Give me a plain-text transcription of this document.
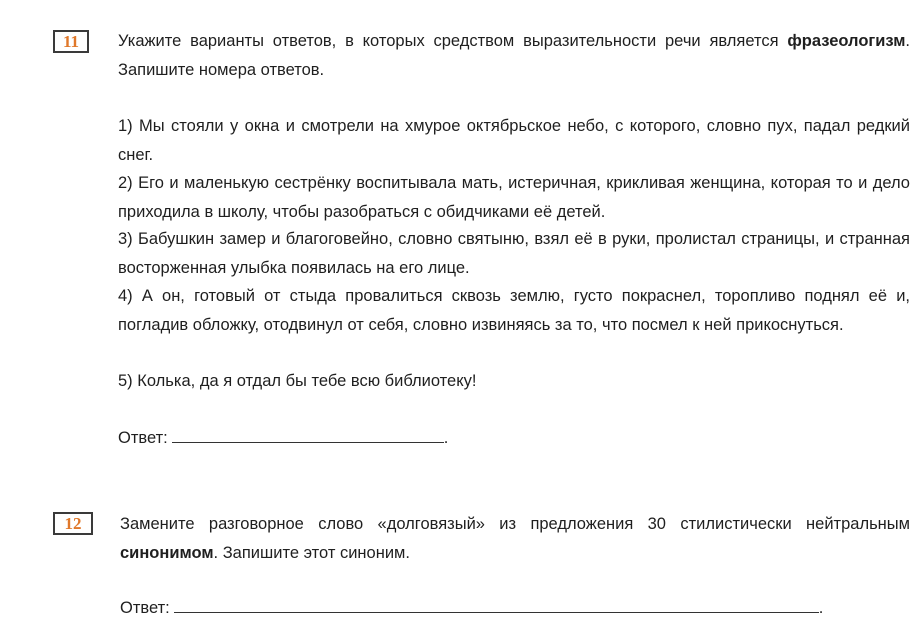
11	Укажите варианты ответов, в которых средством выразительности речи является фразеологизм. Запишите номера ответов.
1) Мы стояли у окна и смотрели на хмурое октябрьское небо, с которого, словно пух, падал редкий снег.
2) Его и маленькую сестрёнку воспитывала мать, истеричная, крикливая женщина, которая то и дело приходила в школу, чтобы разобраться с обидчиками её детей.
3) Бабушкин замер и благоговейно, словно святыню, взял её в руки, пролистал страницы, и странная восторженная улыбка появилась на его лице.
4) А он, готовый от стыда провалиться сквозь землю, густо покраснел, торопливо поднял её и, погладив обложку, отодвинул от себя, словно извиняясь за то, что посмел к ней прикоснуться.
5) Колька, да я отдал бы тебе всю библиотеку!
Ответ:	.
12	Замените разговорное слово «долговязый» из предложения 30 стилистически нейтральным синонимом. Запишите этот синоним.
Ответ:	.
